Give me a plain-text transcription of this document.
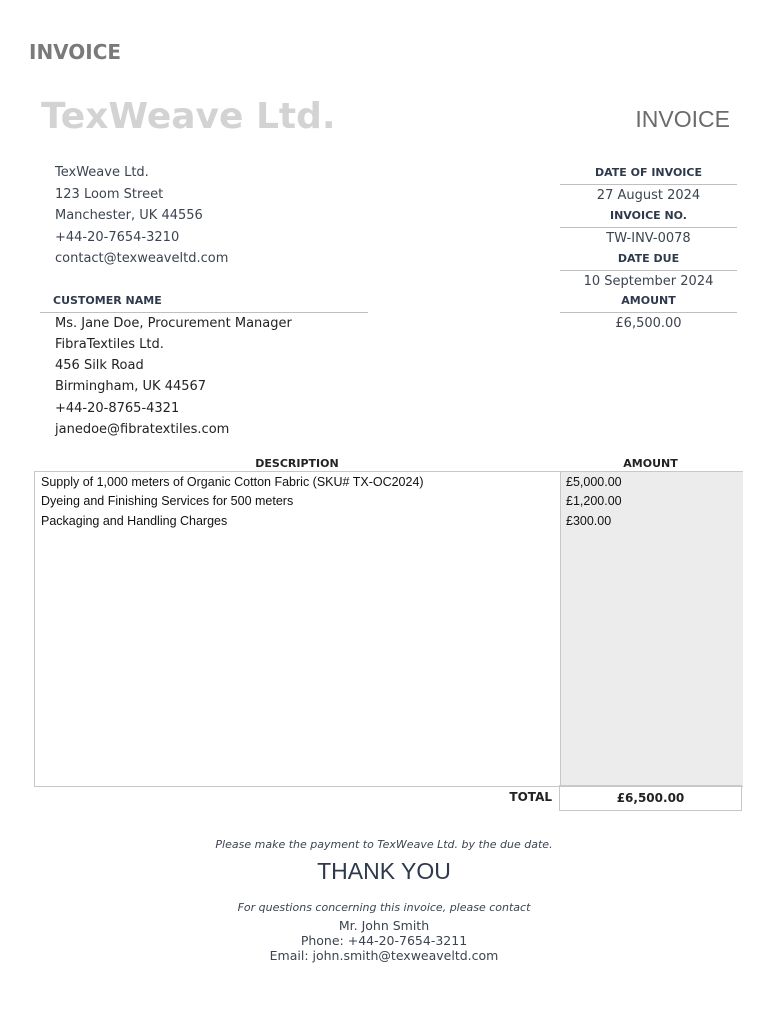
INVOICE
TexWeave Ltd.	INVOICE
TexWeave Ltd.
123 Loom Street
Manchester, UK 44556
+44-20-7654-3210
contact@texweaveltd.com
DATE OF INVOICE
27 August 2024
INVOICE NO.
TW-INV-0078
DATE DUE
10 September 2024
AMOUNT
£6,500.00
CUSTOMER NAME
Ms. Jane Doe, Procurement Manager
FibraTextiles Ltd.
456 Silk Road
Birmingham, UK 44567
+44-20-8765-4321
janedoe@fibratextiles.com
DESCRIPTION	AMOUNT
Supply of 1,000 meters of Organic Cotton Fabric (SKU# TX-OC2024)	£5,000.00
Dyeing and Finishing Services for 500 meters	£1,200.00
Packaging and Handling Charges	£300.00
TOTAL	£6,500.00
Please make the payment to TexWeave Ltd. by the due date.
THANK YOU
For questions concerning this invoice, please contact
Mr. John Smith
Phone: +44-20-7654-3211
Email: john.smith@texweaveltd.com
